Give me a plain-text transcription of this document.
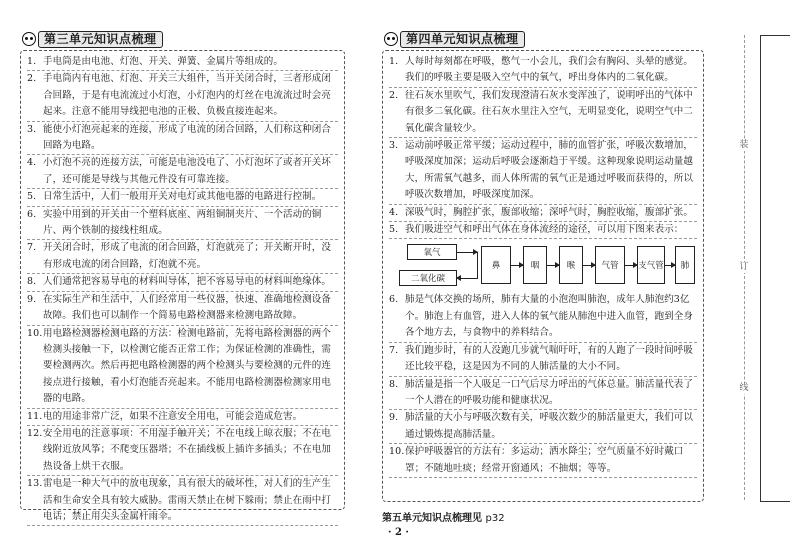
第三单元知识点梳理

1. 手电筒是由电池、灯泡、开关、弹簧、金属片等组成的。

2. 手电筒内有电池、灯泡、开关三大组件，当开关闭合时，三者形成闭合回路，于是有电流流过小灯泡，小灯泡内的灯丝在电流流过时会亮起来。注意不能用导线把电池的正极、负极直接连起来。

3. 能使小灯泡亮起来的连接，形成了电流的闭合回路，人们称这种闭合回路为电路。

4. 小灯泡不亮的连接方法，可能是电池没电了、小灯泡坏了或者开关坏了，还可能是导线与其他元件没有可靠连接。

5. 日常生活中，人们一般用开关对电灯或其他电器的电路进行控制。

6. 实验中用到的开关由一个塑料底座、两组铜制夹片、一个活动的铜片、两个铁制的接线柱组成。

7. 开关闭合时，形成了电流的闭合回路，灯泡就亮了；开关断开时，没有形成电流的闭合回路，灯泡就不亮。

8. 人们通常把容易导电的材料叫导体，把不容易导电的材料叫绝缘体。

9. 在实际生产和生活中，人们经常用一些仪器，快速、准确地检测设备故障。我们也可以制作一个简易电路检测器来检测电路故障。

10.用电路检测器检测电路的方法：检测电路前，先将电路检测器的两个检测头接触一下，以检测它能否正常工作；为保证检测的准确性，需要检测两次。然后再把电路检测器的两个检测头与要检测的元件的连接点进行接触，看小灯泡能否亮起来。不能用电路检测器检测家用电器的电路。

11.电的用途非常广泛，如果不注意安全用电，可能会造成危害。

12.安全用电的注意事项：不用湿手触开关；不在电线上晾衣服；不在电线附近放风筝；不爬变压器塔；不在插线板上插许多插头；不在电加热设备上烘干衣服。

13.雷电是一种大气中的放电现象，具有很大的破坏性，对人们的生产生活和生命安全具有较大威胁。雷雨天禁止在树下躲雨；禁止在雨中打电话；禁止用尖头金属杆雨伞。

第四单元知识点梳理

1. 人每时每刻都在呼吸，憋气一小会儿，我们会有胸闷、头晕的感觉。我们的呼吸主要是吸入空气中的氧气，呼出身体内的二氧化碳。

2. 往石灰水里吹气，我们发现澄清石灰水变浑浊了，说明呼出的气体中有很多二氧化碳。往石灰水里注入空气，无明显变化，说明空气中二氧化碳含量较少。

3. 运动前呼吸正常平缓；运动过程中，肺的血管扩张，呼吸次数增加，呼吸深度加深；运动后呼吸会逐渐趋于平缓。这种现象说明运动量越大，所需氧气越多，而人体所需的氧气正是通过呼吸而获得的，所以呼吸次数增加，呼吸深度加深。

4. 深吸气时，胸腔扩张，腹部收缩；深呼气时，胸腔收缩，腹部扩张。

5. 我们吸进空气和呼出气体在身体流经的途径，可以用下图来表示：

氧气
二氧化碳
鼻	咽	喉	气管	支气管	肺

6. 肺是气体交换的场所，肺有大量的小泡泡叫肺泡，成年人肺泡约3亿个。肺泡上有血管，进入人体的氧气能从肺泡中进入血管，跑到全身各个地方去，与食物中的养料结合。

7. 我们跑步时，有的人没跑几步就气喘吁吁，有的人跑了一段时间呼吸还比较平稳，这是因为不同的人肺活量的大小不同。

8. 肺活量是指一个人吸足一口气后尽力呼出的气体总量。肺活量代表了一个人潜在的呼吸功能和健康状况。

9. 肺活量的大小与呼吸次数有关，呼吸次数少的肺活量更大，我们可以通过锻炼提高肺活量。

10.保护呼吸器官的方法有：多运动；洒水降尘；空气质量不好时戴口罩；不随地吐痰；经常开窗通风；不抽烟；等等。

第五单元知识点梳理见 p32
· 2 ·
装
订
线
